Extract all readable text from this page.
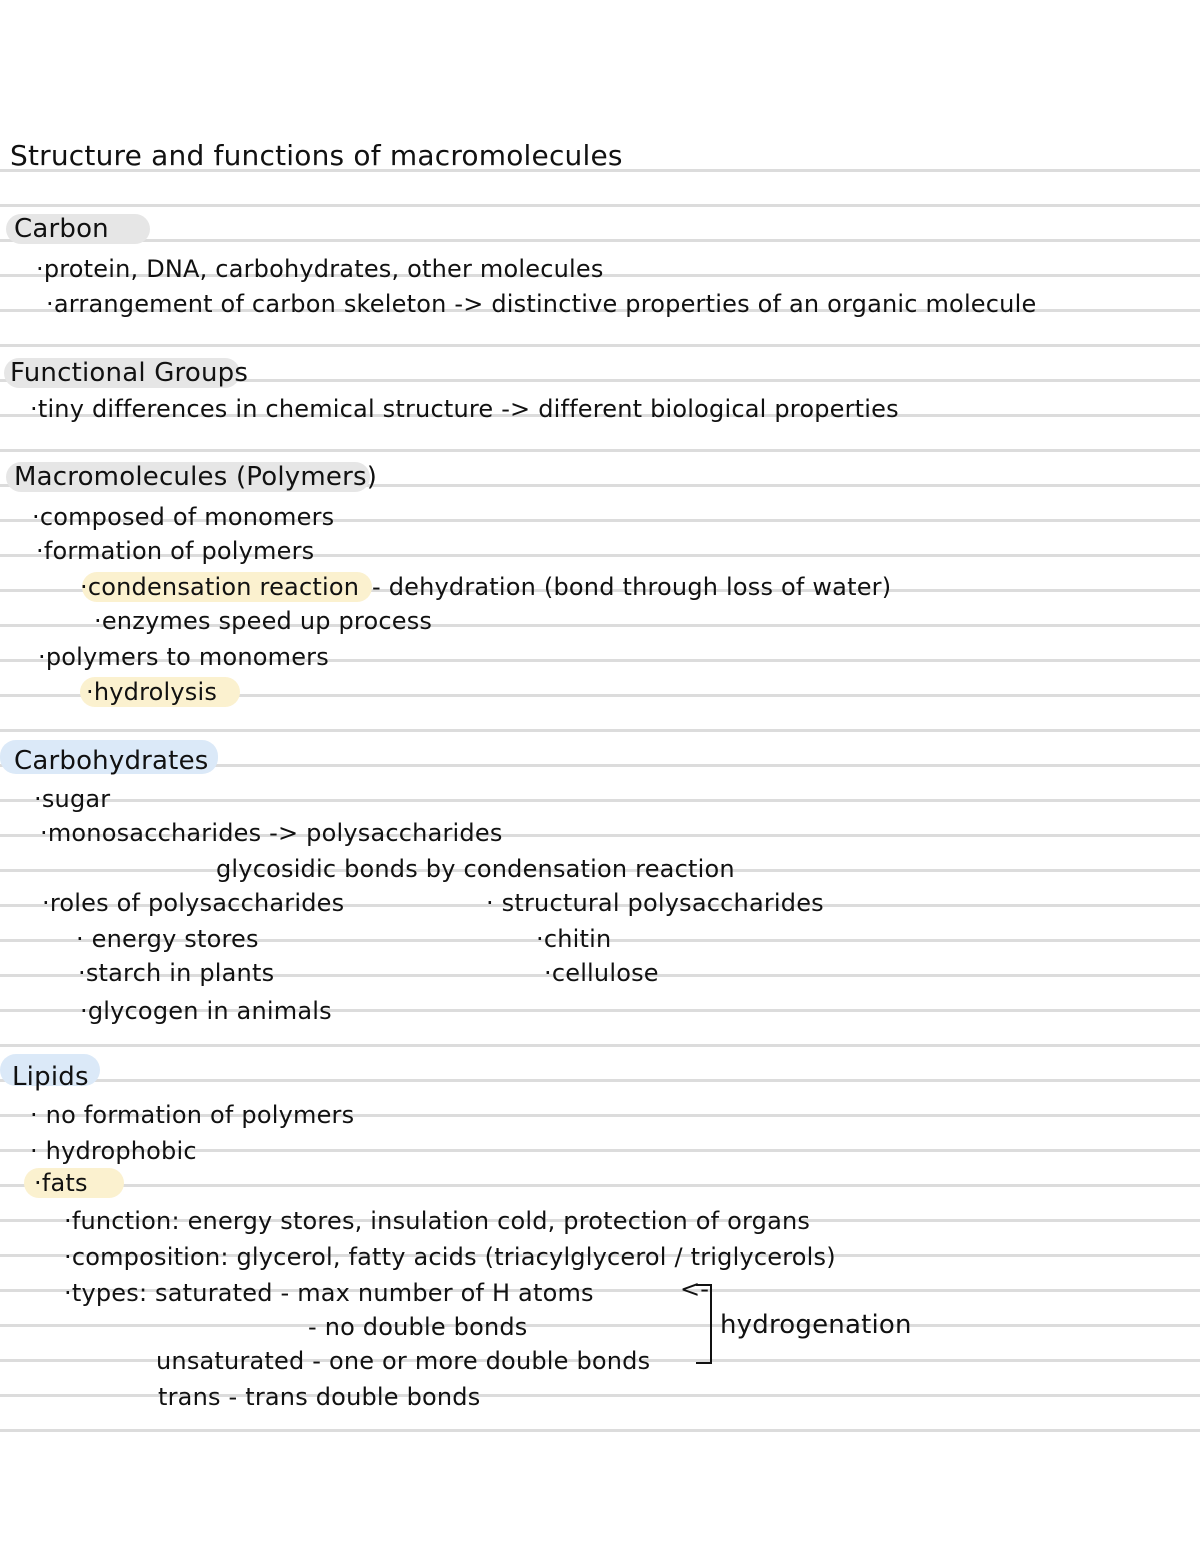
Structure and functions of macromolecules
Carbon
·protein, DNA, carbohydrates, other molecules
·arrangement of carbon skeleton -> distinctive properties of an organic molecule
Functional Groups
·tiny differences in chemical structure -> different biological properties
Macromolecules (Polymers)
·composed of monomers
·formation of polymers
·condensation reaction - dehydration (bond through loss of water)
·enzymes speed up process
·polymers to monomers
·hydrolysis
Carbohydrates
·sugar
·monosaccharides -> polysaccharides
glycosidic bonds by condensation reaction
·roles of polysaccharides	· structural polysaccharides
· energy stores	·chitin
·starch in plants	·cellulose
·glycogen in animals
Lipids
· no formation of polymers
· hydrophobic
·fats
·function: energy stores, insulation cold, protection of organs
·composition: glycerol, fatty acids (triacylglycerol / triglycerols)
·types: saturated - max number of H atoms	<-
- no double bonds
unsaturated - one or more double bonds
trans - trans double bonds
hydrogenation
